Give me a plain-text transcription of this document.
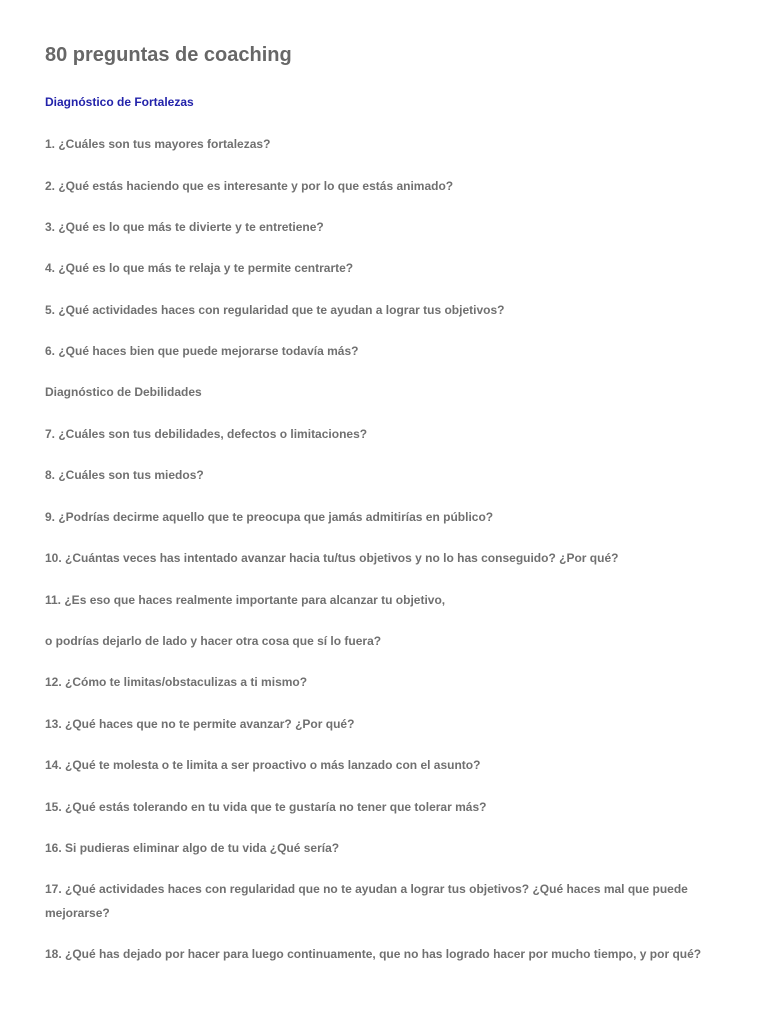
80 preguntas de coaching

Diagnóstico de Fortalezas

1. ¿Cuáles son tus mayores fortalezas?

2. ¿Qué estás haciendo que es interesante y por lo que estás animado?

3. ¿Qué es lo que más te divierte y te entretiene?

4. ¿Qué es lo que más te relaja y te permite centrarte?

5. ¿Qué actividades haces con regularidad que te ayudan a lograr tus objetivos?

6. ¿Qué haces bien que puede mejorarse todavía más?

Diagnóstico de Debilidades

7. ¿Cuáles son tus debilidades, defectos o limitaciones?

8. ¿Cuáles son tus miedos?

9. ¿Podrías decirme aquello que te preocupa que jamás admitirías en público?

10. ¿Cuántas veces has intentado avanzar hacia tu/tus objetivos y no lo has conseguido? ¿Por qué?

11. ¿Es eso que haces realmente importante para alcanzar tu objetivo,

o podrías dejarlo de lado y hacer otra cosa que sí lo fuera?

12. ¿Cómo te limitas/obstaculizas a ti mismo?

13. ¿Qué haces que no te permite avanzar? ¿Por qué?

14. ¿Qué te molesta o te limita a ser proactivo o más lanzado con el asunto?

15. ¿Qué estás tolerando en tu vida que te gustaría no tener que tolerar más?

16. Si pudieras eliminar algo de tu vida ¿Qué sería?

17. ¿Qué actividades haces con regularidad que no te ayudan a lograr tus objetivos? ¿Qué haces mal que puede mejorarse?

18. ¿Qué has dejado por hacer para luego continuamente, que no has logrado hacer por mucho tiempo, y por qué?
